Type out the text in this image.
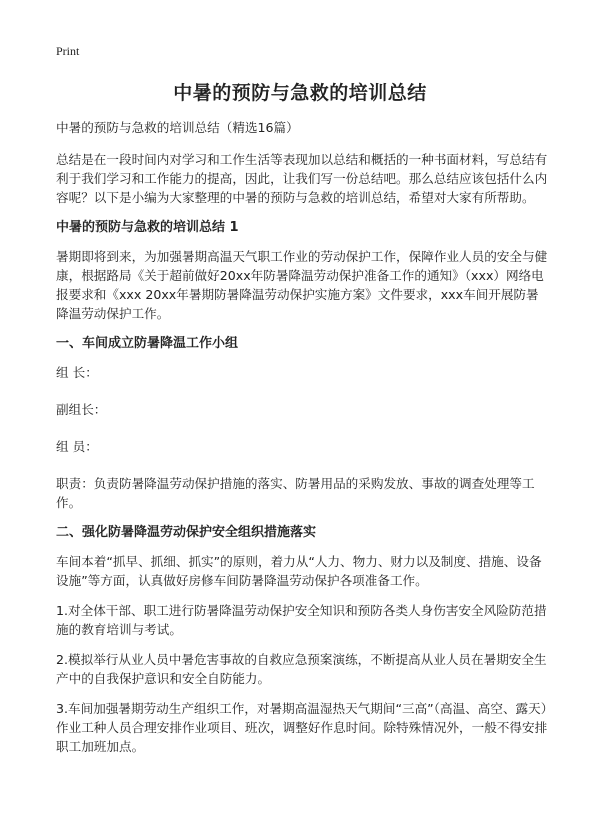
Print
中暑的预防与急救的培训总结

中暑的预防与急救的培训总结（精选16篇）

总结是在一段时间内对学习和工作生活等表现加以总结和概括的一种书面材料，写总结有利于我们学习和工作能力的提高，因此，让我们写一份总结吧。那么总结应该包括什么内容呢？以下是小编为大家整理的中暑的预防与急救的培训总结，希望对大家有所帮助。

中暑的预防与急救的培训总结 1

暑期即将到来，为加强暑期高温天气职工作业的劳动保护工作，保障作业人员的安全与健康，根据路局《关于超前做好20xx年防暑降温劳动保护准备工作的通知》（xxx）网络电报要求和《xxx 20xx年暑期防暑降温劳动保护实施方案》文件要求，xxx车间开展防暑降温劳动保护工作。

一、车间成立防暑降温工作小组

组 长：

副组长：

组 员：

职责：负责防暑降温劳动保护措施的落实、防暑用品的采购发放、事故的调查处理等工作。

二、强化防暑降温劳动保护安全组织措施落实

车间本着“抓早、抓细、抓实”的原则，着力从“人力、物力、财力以及制度、措施、设备设施”等方面，认真做好房修车间防暑降温劳动保护各项准备工作。

1.对全体干部、职工进行防暑降温劳动保护安全知识和预防各类人身伤害安全风险防范措施的教育培训与考试。

2.模拟举行从业人员中暑危害事故的自救应急预案演练，不断提高从业人员在暑期安全生产中的自我保护意识和安全自防能力。

3.车间加强暑期劳动生产组织工作，对暑期高温湿热天气期间“三高”（高温、高空、露天）作业工种人员合理安排作业项目、班次，调整好作息时间。除特殊情况外，一般不得安排职工加班加点。
